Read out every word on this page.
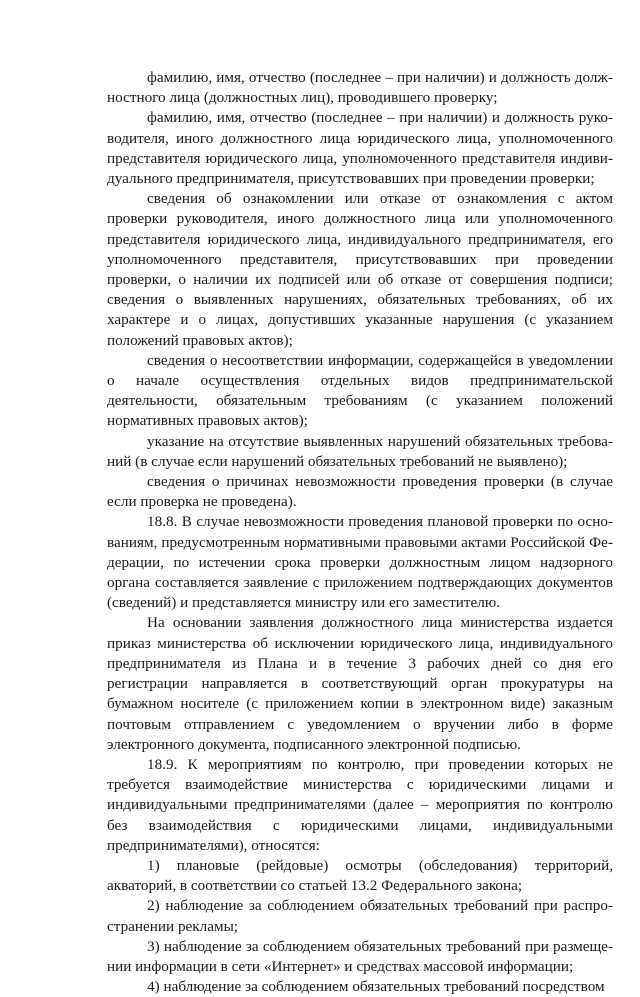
фамилию, имя, отчество (последнее – при наличии) и должность должностного лица (должностных лиц), проводившего проверку;

фамилию, имя, отчество (последнее – при наличии) и должность руководителя, иного должностного лица юридического лица, уполномоченного представителя юридического лица, уполномоченного представителя индивидуального предпринимателя, присутствовавших при проведении проверки;

сведения об ознакомлении или отказе от ознакомления с актом проверки руководителя, иного должностного лица или уполномоченного представителя юридического лица, индивидуального предпринимателя, его уполномоченного представителя, присутствовавших при проведении проверки, о наличии их подписей или об отказе от совершения подписи; сведения о выявленных нарушениях, обязательных требованиях, об их характере и о лицах, допустивших указанные нарушения (с указанием положений правовых актов);

сведения о несоответствии информации, содержащейся в уведомлении о начале осуществления отдельных видов предпринимательской деятельности, обязательным требованиям (с указанием положений нормативных правовых актов);

указание на отсутствие выявленных нарушений обязательных требований (в случае если нарушений обязательных требований не выявлено);

сведения о причинах невозможности проведения проверки (в случае если проверка не проведена).

18.8. В случае невозможности проведения плановой проверки по основаниям, предусмотренным нормативными правовыми актами Российской Федерации, по истечении срока проверки должностным лицом надзорного органа составляется заявление с приложением подтверждающих документов (сведений) и представляется министру или его заместителю.

На основании заявления должностного лица министерства издается приказ министерства об исключении юридического лица, индивидуального предпринимателя из Плана и в течение 3 рабочих дней со дня его регистрации направляется в соответствующий орган прокуратуры на бумажном носителе (с приложением копии в электронном виде) заказным почтовым отправлением с уведомлением о вручении либо в форме электронного документа, подписанного электронной подписью.

18.9. К мероприятиям по контролю, при проведении которых не требуется взаимодействие министерства с юридическими лицами и индивидуальными предпринимателями (далее – мероприятия по контролю без взаимодействия с юридическими лицами, индивидуальными предпринимателями), относятся:

1) плановые (рейдовые) осмотры (обследования) территорий, акваторий, в соответствии со статьей 13.2 Федерального закона;

2) наблюдение за соблюдением обязательных требований при распространении рекламы;

3) наблюдение за соблюдением обязательных требований при размещении информации в сети «Интернет» и средствах массовой информации;

4) наблюдение за соблюдением обязательных требований посредством
